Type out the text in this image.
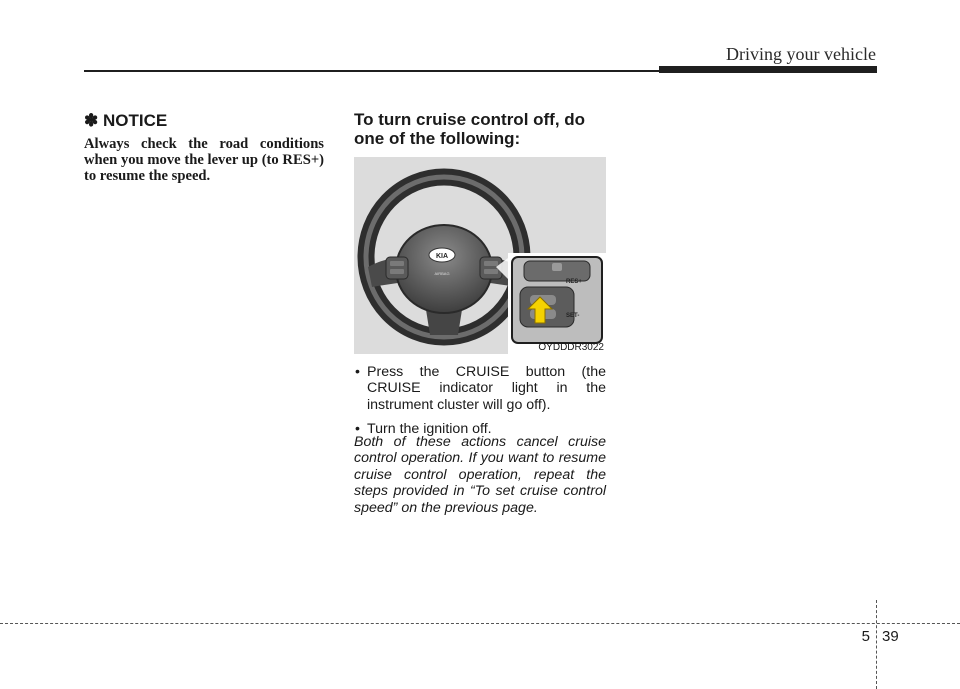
Driving your vehicle
✽ NOTICE
Always check the road conditions when you move the lever up (to RES+) to resume the speed.
To turn cruise control off, do one of the following:
KIA
AIRBAG
RES+
SET-
OYDDDR3022
• Press the CRUISE button (the CRUISE indicator light in the instrument cluster will go off).
• Turn the ignition off.
Both of these actions cancel cruise control operation. If you want to resume cruise control operation, repeat the steps provided in “To set cruise control speed” on the previous page.
5 39
